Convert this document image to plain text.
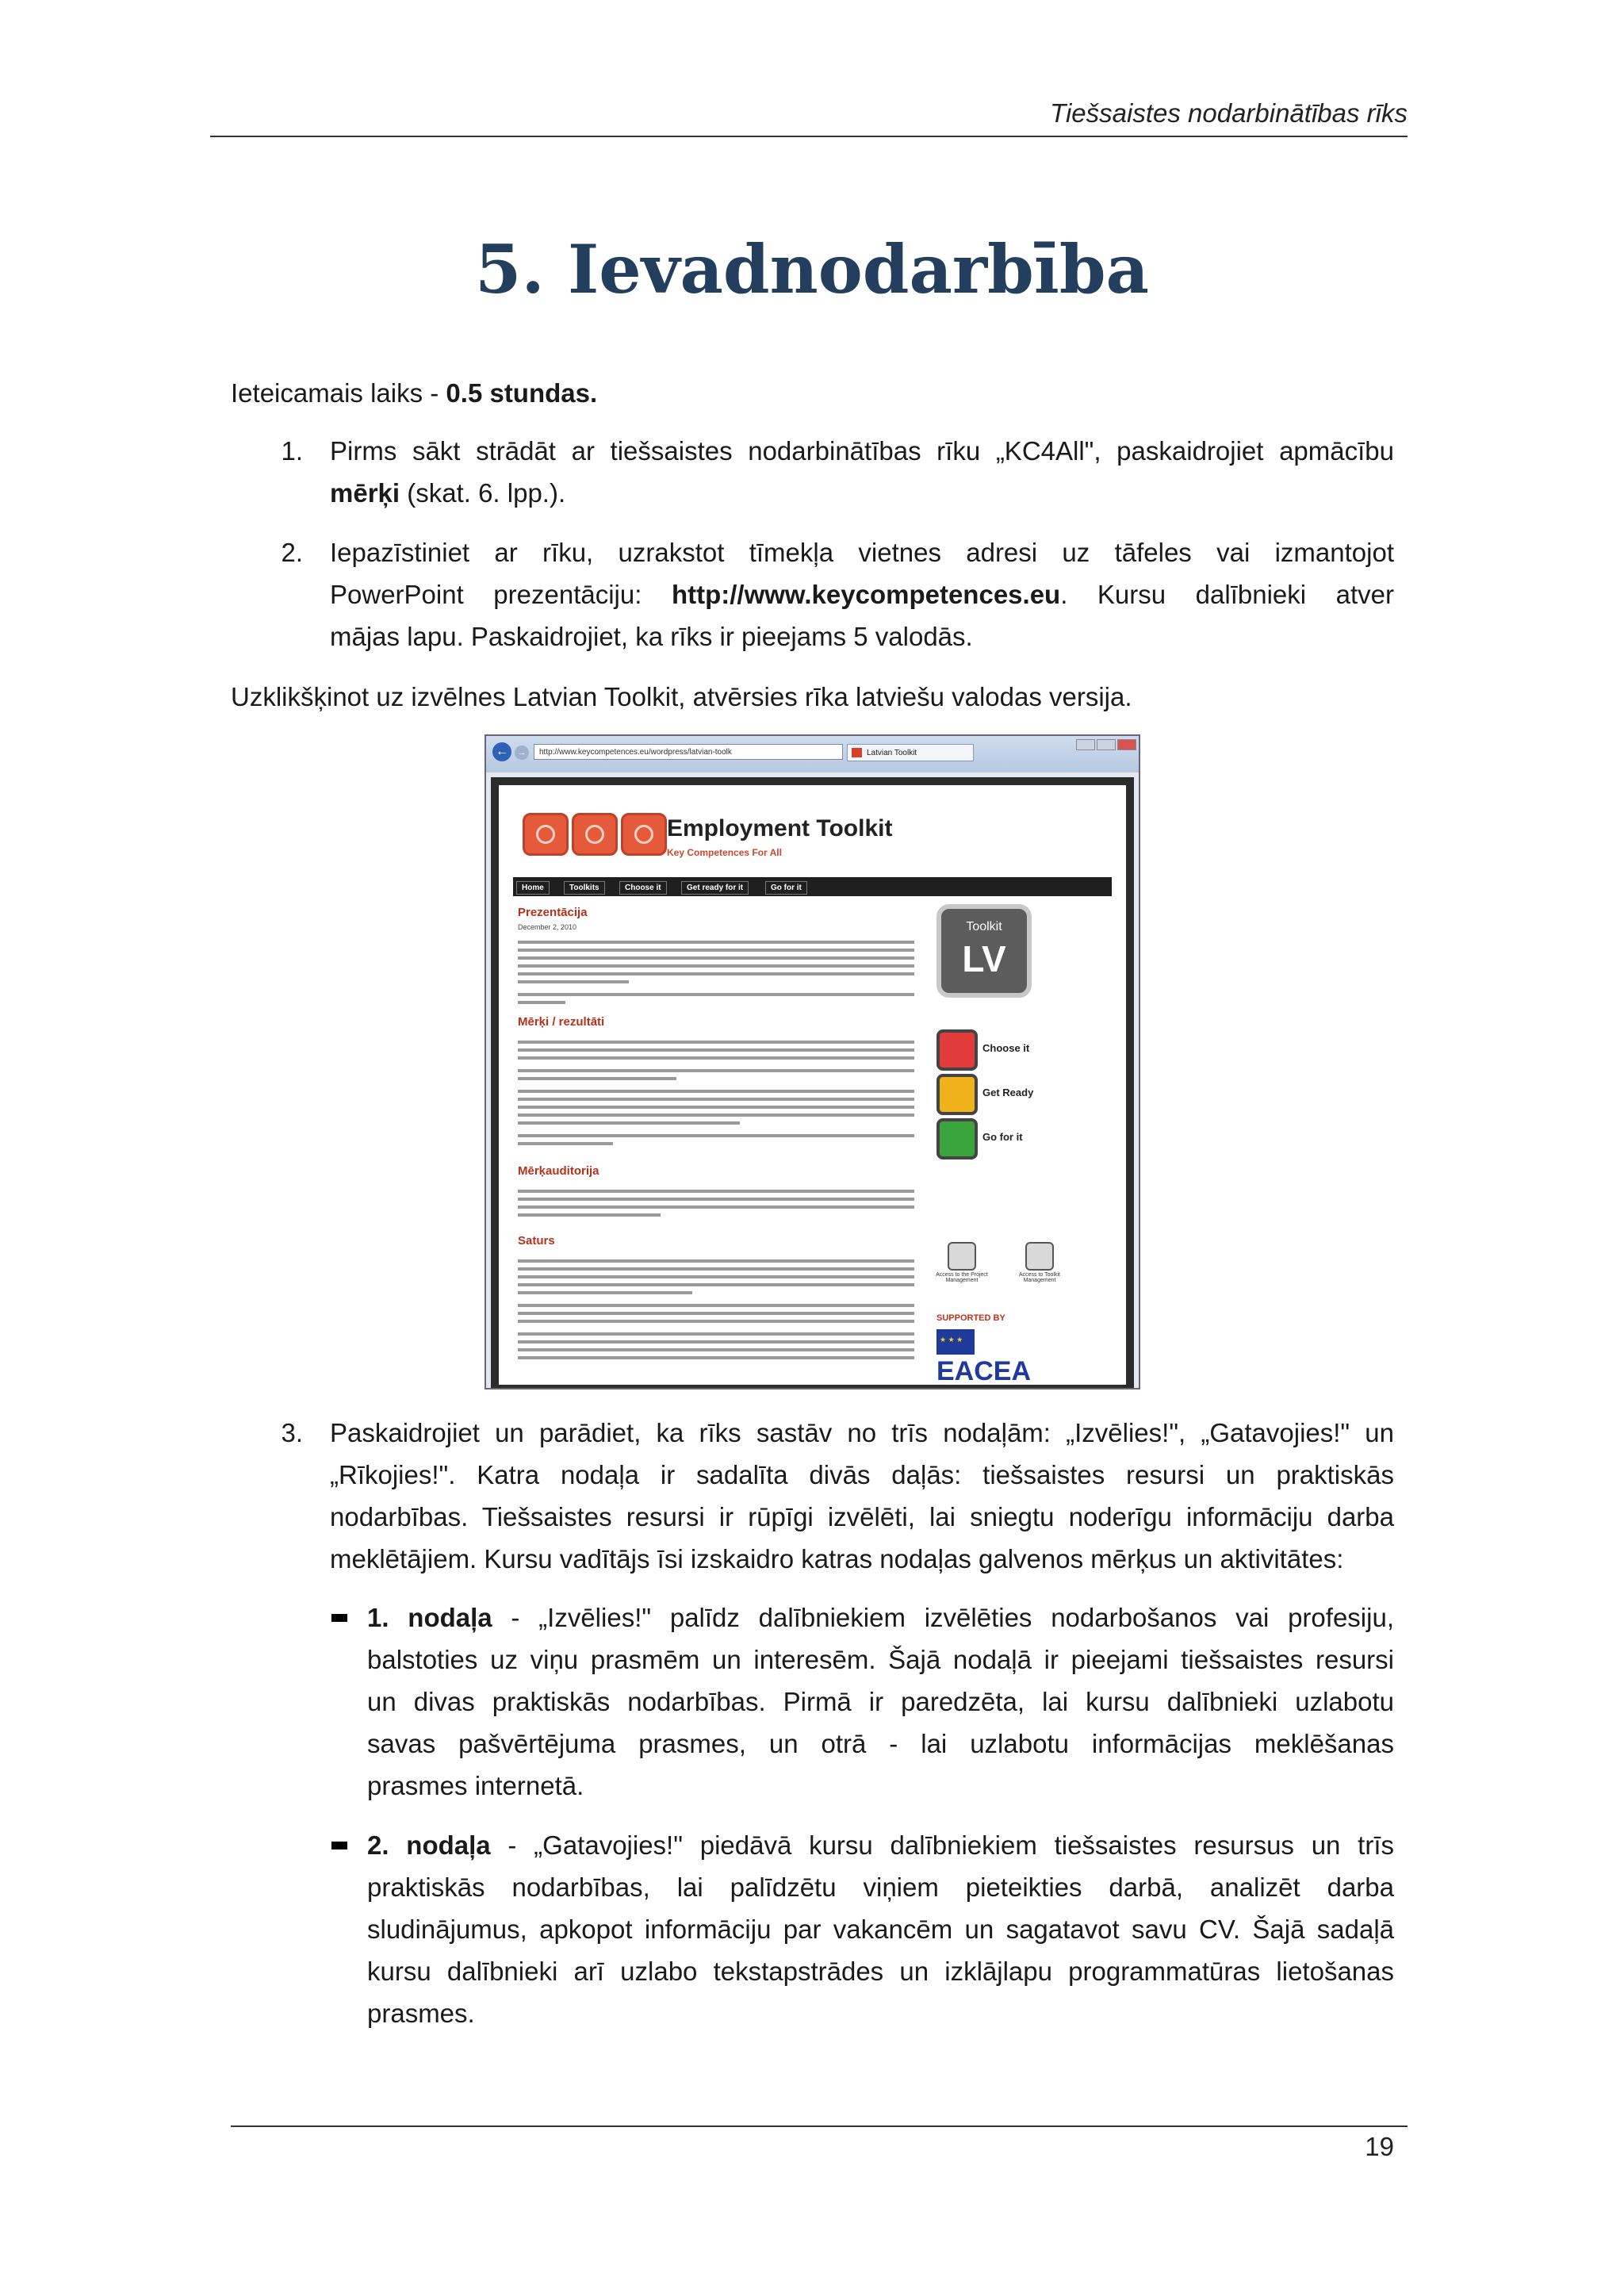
Tiešsaistes nodarbinātības rīks
5. Ievadnodarbība
Ieteicamais laiks - 0.5 stundas.
1. Pirms sākt strādāt ar tiešsaistes nodarbinātības rīku „KC4All", paskaidrojiet apmācību
mērķi (skat. 6. lpp.).
2. Iepazīstiniet ar rīku, uzrakstot tīmekļa vietnes adresi uz tāfeles vai izmantojot
PowerPoint prezentāciju: http://www.keycompetences.eu. Kursu dalībnieki atver
mājas lapu. Paskaidrojiet, ka rīks ir pieejams 5 valodās.
Uzklikšķinot uz izvēlnes Latvian Toolkit, atvērsies rīka latviešu valodas versija.
←	→	http://www.keycompetences.eu/wordpress/latvian-toolk	Latvian Toolkit
Employment Toolkit
Key Competences For All
Home	Toolkits	Choose it	Get ready for it	Go for it
Prezentācija
December 2, 2010
Mērķi / rezultāti
Mērķauditorija
Saturs
Toolkit
LV
Choose it
Get Ready
Go for it
Access to the Project Management
Access to Toolkit Management
SUPPORTED BY
★ ★ ★
EACEA
3. Paskaidrojiet un parādiet, ka rīks sastāv no trīs nodaļām: „Izvēlies!", „Gatavojies!" un
„Rīkojies!". Katra nodaļa ir sadalīta divās daļās: tiešsaistes resursi un praktiskās
nodarbības. Tiešsaistes resursi ir rūpīgi izvēlēti, lai sniegtu noderīgu informāciju darba
meklētājiem. Kursu vadītājs īsi izskaidro katras nodaļas galvenos mērķus un aktivitātes:
1. nodaļa - „Izvēlies!" palīdz dalībniekiem izvēlēties nodarbošanos vai profesiju,
balstoties uz viņu prasmēm un interesēm. Šajā nodaļā ir pieejami tiešsaistes resursi
un divas praktiskās nodarbības. Pirmā ir paredzēta, lai kursu dalībnieki uzlabotu
savas pašvērtējuma prasmes, un otrā - lai uzlabotu informācijas meklēšanas
prasmes internetā.
2. nodaļa - „Gatavojies!" piedāvā kursu dalībniekiem tiešsaistes resursus un trīs
praktiskās nodarbības, lai palīdzētu viņiem pieteikties darbā, analizēt darba
sludinājumus, apkopot informāciju par vakancēm un sagatavot savu CV. Šajā sadaļā
kursu dalībnieki arī uzlabo tekstapstrādes un izklājlapu programmatūras lietošanas
prasmes.
19
